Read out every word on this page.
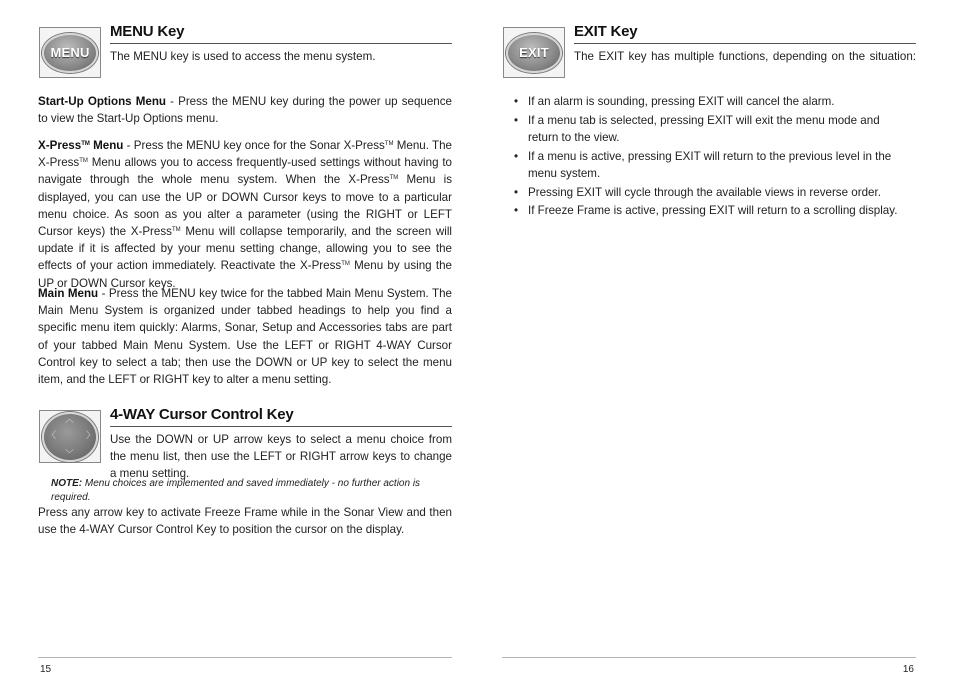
MENU
MENU Key

The MENU key is used to access the menu system.

Start-Up Options Menu - Press the MENU key during the power up sequence to view the Start-Up Options menu.

X-Press™ Menu - Press the MENU key once for the Sonar X-Press™ Menu. The X-Press™ Menu allows you to access frequently-used settings without having to navigate through the whole menu system. When the X-Press™ Menu is displayed, you can use the UP or DOWN Cursor keys to move to a particular menu choice. As soon as you alter a parameter (using the RIGHT or LEFT Cursor keys) the X-Press™ Menu will collapse temporarily, and the screen will update if it is affected by your menu setting change, allowing you to see the effects of your action immediately. Reactivate the X-Press™ Menu by using the UP or DOWN Cursor keys.

Main Menu - Press the MENU key twice for the tabbed Main Menu System. The Main Menu System is organized under tabbed headings to help you find a specific menu item quickly: Alarms, Sonar, Setup and Accessories tabs are part of your tabbed Main Menu System. Use the LEFT or RIGHT 4-WAY Cursor Control key to select a tab; then use the DOWN or UP key to select the menu item, and the LEFT or RIGHT key to alter a menu setting.

︿
〈	〉
﹀
4-WAY Cursor Control Key

Use the DOWN or UP arrow keys to select a menu choice from the menu list, then use the LEFT or RIGHT arrow keys to change a menu setting.

NOTE: Menu choices are implemented and saved immediately - no further action is required.

Press any arrow key to activate Freeze Frame while in the Sonar View and then use the 4-WAY Cursor Control Key to position the cursor on the display.

15
EXIT
EXIT Key

The EXIT key has multiple functions, depending on the situation:

• If an alarm is sounding, pressing EXIT will cancel the alarm.
• If a menu tab is selected, pressing EXIT will exit the menu mode and return to the view.
• If a menu is active, pressing EXIT will return to the previous level in the menu system.
• Pressing EXIT will cycle through the available views in reverse order.
• If Freeze Frame is active, pressing EXIT will return to a scrolling display.
16
